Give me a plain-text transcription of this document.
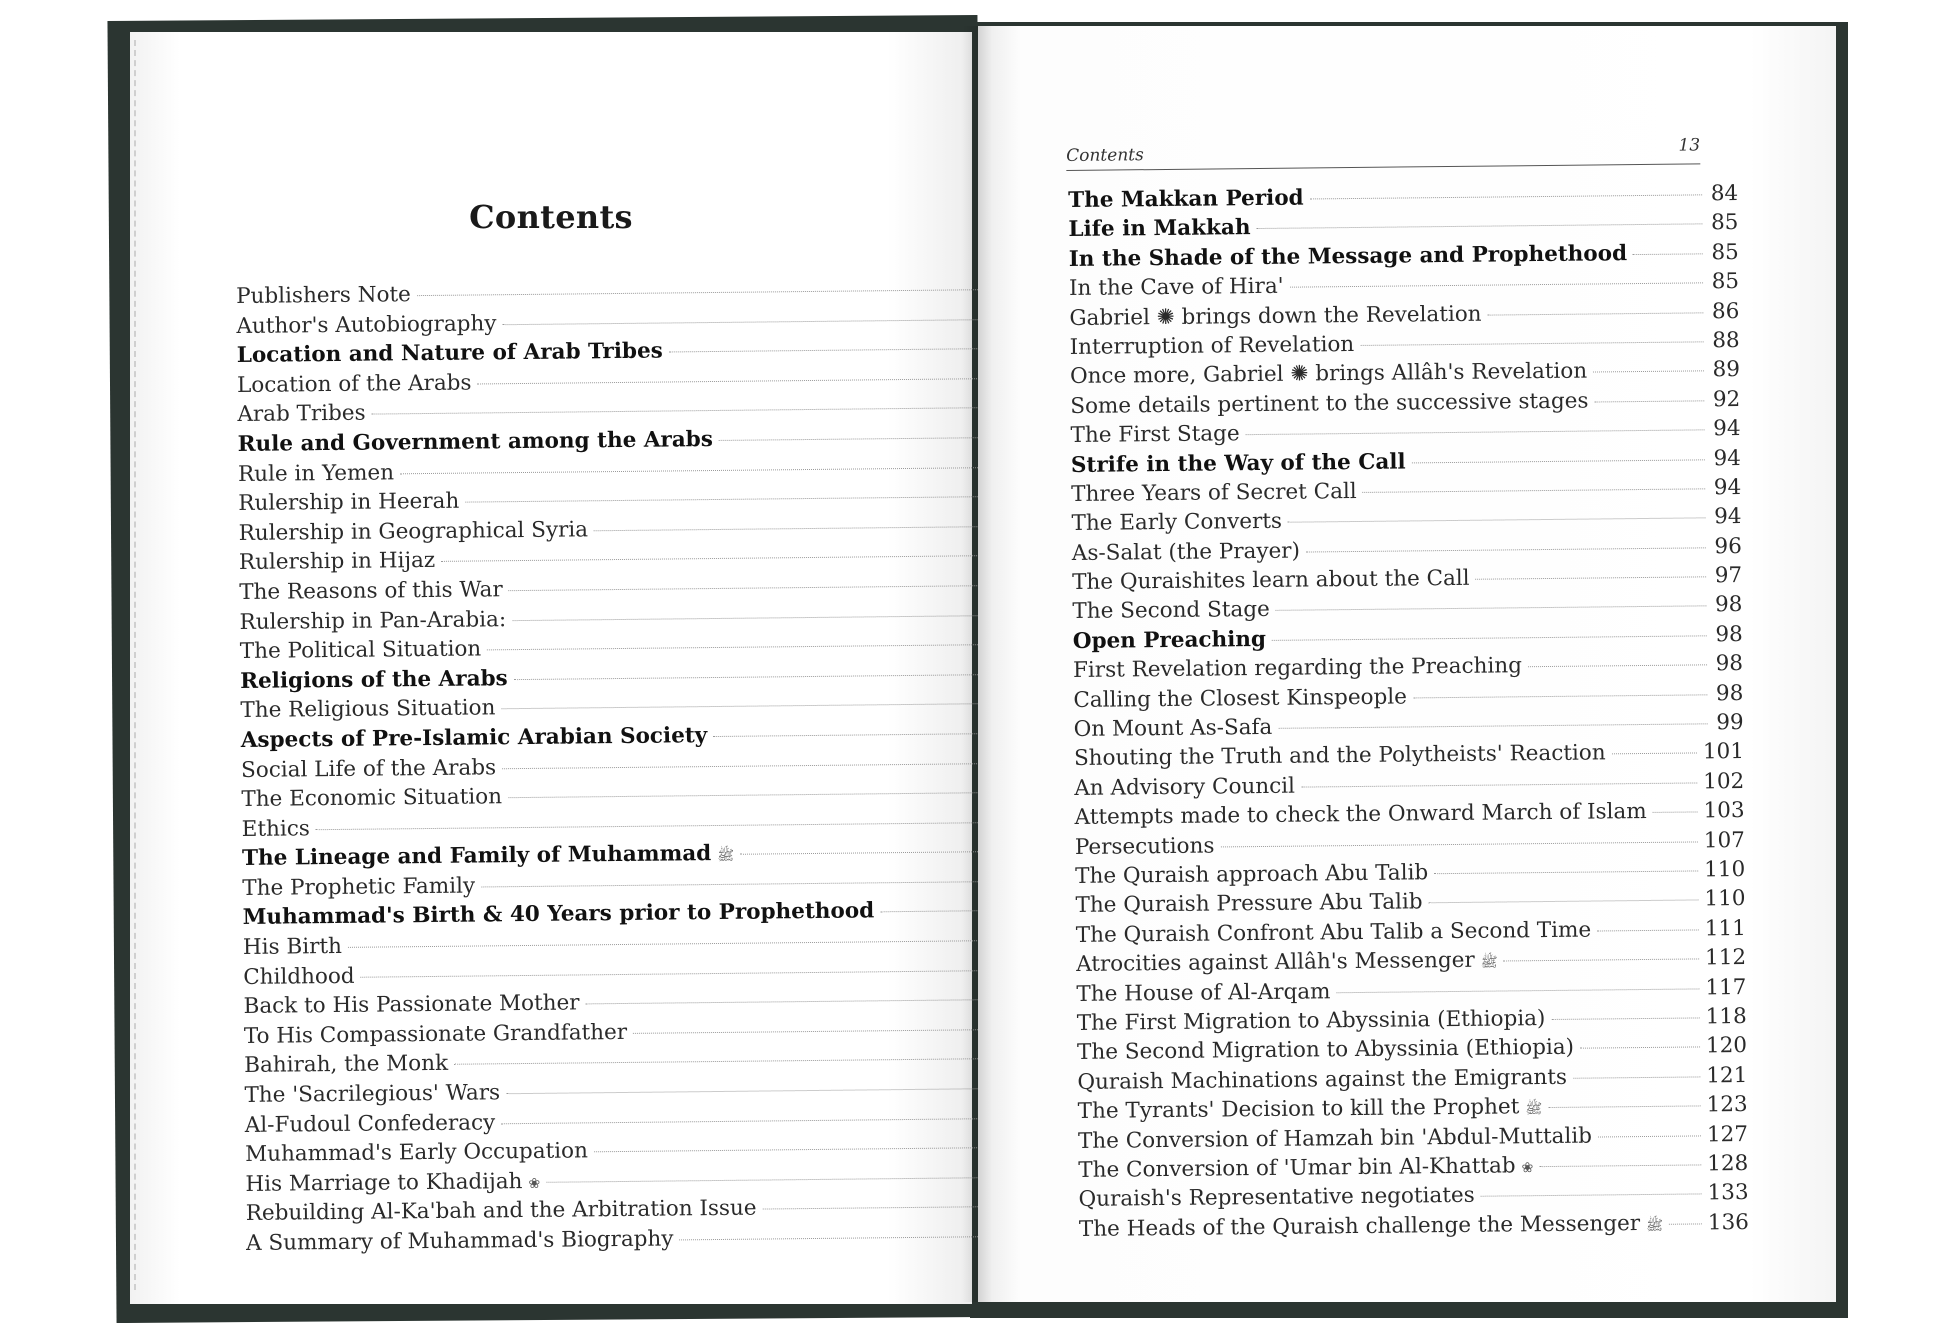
Contents
Publishers Note
Author's Autobiography
Location and Nature of Arab Tribes
Location of the Arabs
Arab Tribes
Rule and Government among the Arabs
Rule in Yemen
Rulership in Heerah
Rulership in Geographical Syria
Rulership in Hijaz
The Reasons of this War
Rulership in Pan-Arabia:
The Political Situation
Religions of the Arabs
The Religious Situation
Aspects of Pre-Islamic Arabian Society
Social Life of the Arabs
The Economic Situation
Ethics
The Lineage and Family of Muhammad ﷺ
The Prophetic Family
Muhammad's Birth & 40 Years prior to Prophethood
His Birth
Childhood
Back to His Passionate Mother
To His Compassionate Grandfather
Bahirah, the Monk
The 'Sacrilegious' Wars
Al-Fudoul Confederacy
Muhammad's Early Occupation
His Marriage to Khadijah ❀
Rebuilding Al-Ka'bah and the Arbitration Issue
A Summary of Muhammad's Biography
Contents	13
The Makkan Period	84
Life in Makkah	85
In the Shade of the Message and Prophethood	85
In the Cave of Hira'	85
Gabriel ✺ brings down the Revelation	86
Interruption of Revelation	88
Once more, Gabriel ✺ brings Allâh's Revelation	89
Some details pertinent to the successive stages	92
The First Stage	94
Strife in the Way of the Call	94
Three Years of Secret Call	94
The Early Converts	94
As-Salat (the Prayer)	96
The Quraishites learn about the Call	97
The Second Stage	98
Open Preaching	98
First Revelation regarding the Preaching	98
Calling the Closest Kinspeople	98
On Mount As-Safa	99
Shouting the Truth and the Polytheists' Reaction	101
An Advisory Council	102
Attempts made to check the Onward March of Islam	103
Persecutions	107
The Quraish approach Abu Talib	110
The Quraish Pressure Abu Talib	110
The Quraish Confront Abu Talib a Second Time	111
Atrocities against Allâh's Messenger ﷺ	112
The House of Al-Arqam	117
The First Migration to Abyssinia (Ethiopia)	118
The Second Migration to Abyssinia (Ethiopia)	120
Quraish Machinations against the Emigrants	121
The Tyrants' Decision to kill the Prophet ﷺ	123
The Conversion of Hamzah bin 'Abdul-Muttalib	127
The Conversion of 'Umar bin Al-Khattab ❀	128
Quraish's Representative negotiates	133
The Heads of the Quraish challenge the Messenger ﷺ 136
